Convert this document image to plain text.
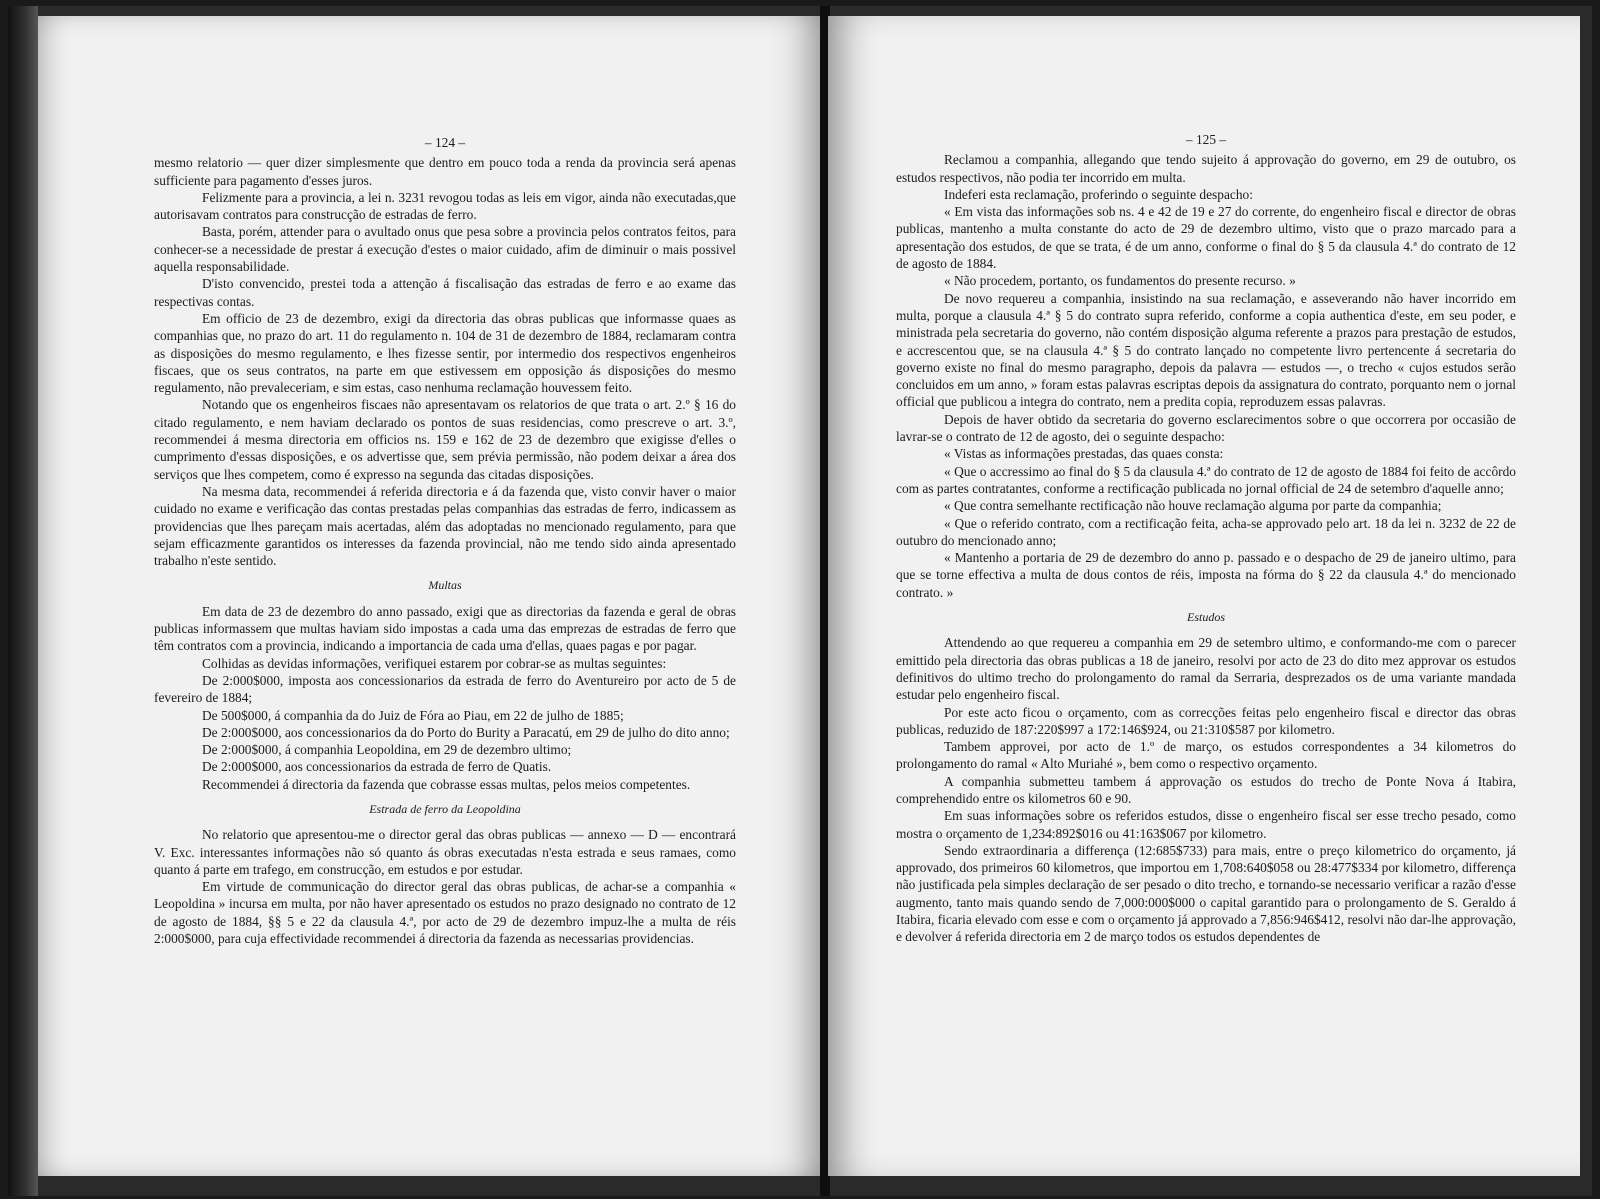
– 124 –

mesmo relatorio — quer dizer simplesmente que dentro em pouco toda a renda da provincia será apenas sufficiente para pagamento d'esses juros.

Felizmente para a provincia, a lei n. 3231 revogou todas as leis em vigor, ainda não executadas,que autorisavam contratos para construcção de estradas de ferro.

Basta, porém, attender para o avultado onus que pesa sobre a provincia pelos contratos feitos, para conhecer-se a necessidade de prestar á execução d'estes o maior cuidado, afim de diminuir o mais possivel aquella responsabilidade.

D'isto convencido, prestei toda a attenção á fiscalisação das estradas de ferro e ao exame das respectivas contas.

Em officio de 23 de dezembro, exigi da directoria das obras publicas que informasse quaes as companhias que, no prazo do art. 11 do regulamento n. 104 de 31 de dezembro de 1884, reclamaram contra as disposições do mesmo regulamento, e lhes fizesse sentir, por intermedio dos respectivos engenheiros fiscaes, que os seus contratos, na parte em que estivessem em opposição ás disposições do mesmo regulamento, não prevaleceriam, e sim estas, caso nenhuma reclamação houvessem feito.

Notando que os engenheiros fiscaes não apresentavam os relatorios de que trata o art. 2.º § 16 do citado regulamento, e nem haviam declarado os pontos de suas residencias, como prescreve o art. 3.º, recommendei á mesma directoria em officios ns. 159 e 162 de 23 de dezembro que exigisse d'elles o cumprimento d'essas disposições, e os advertisse que, sem prévia permissão, não podem deixar a área dos serviços que lhes competem, como é expresso na segunda das citadas disposições.

Na mesma data, recommendei á referida directoria e á da fazenda que, visto convir haver o maior cuidado no exame e verificação das contas prestadas pelas companhias das estradas de ferro, indicassem as providencias que lhes pareçam mais acertadas, além das adoptadas no mencionado regulamento, para que sejam efficazmente garantidos os interesses da fazenda provincial, não me tendo sido ainda apresentado trabalho n'este sentido.

Multas

Em data de 23 de dezembro do anno passado, exigi que as directorias da fazenda e geral de obras publicas informassem que multas haviam sido impostas a cada uma das emprezas de estradas de ferro que têm contratos com a provincia, indicando a importancia de cada uma d'ellas, quaes pagas e por pagar.

Colhidas as devidas informações, verifiquei estarem por cobrar-se as multas seguintes:

De 2:000$000, imposta aos concessionarios da estrada de ferro do Aventureiro por acto de 5 de fevereiro de 1884;

De 500$000, á companhia da do Juiz de Fóra ao Piau, em 22 de julho de 1885;

De 2:000$000, aos concessionarios da do Porto do Burity a Paracatú, em 29 de julho do dito anno;

De 2:000$000, á companhia Leopoldina, em 29 de dezembro ultimo;

De 2:000$000, aos concessionarios da estrada de ferro de Quatis.

Recommendei á directoria da fazenda que cobrasse essas multas, pelos meios competentes.

Estrada de ferro da Leopoldina

No relatorio que apresentou-me o director geral das obras publicas — annexo — D — encontrará V. Exc. interessantes informações não só quanto ás obras executadas n'esta estrada e seus ramaes, como quanto á parte em trafego, em construcção, em estudos e por estudar.

Em virtude de communicação do director geral das obras publicas, de achar-se a companhia « Leopoldina » incursa em multa, por não haver apresentado os estudos no prazo designado no contrato de 12 de agosto de 1884, §§ 5 e 22 da clausula 4.ª, por acto de 29 de dezembro impuz-lhe a multa de réis 2:000$000, para cuja effectividade recommendei á directoria da fazenda as necessarias providencias.

– 125 –

Reclamou a companhia, allegando que tendo sujeito á approvação do governo, em 29 de outubro, os estudos respectivos, não podia ter incorrido em multa.

Indeferi esta reclamação, proferindo o seguinte despacho:

« Em vista das informações sob ns. 4 e 42 de 19 e 27 do corrente, do engenheiro fiscal e director de obras publicas, mantenho a multa constante do acto de 29 de dezembro ultimo, visto que o prazo marcado para a apresentação dos estudos, de que se trata, é de um anno, conforme o final do § 5 da clausula 4.ª do contrato de 12 de agosto de 1884.

« Não procedem, portanto, os fundamentos do presente recurso. »

De novo requereu a companhia, insistindo na sua reclamação, e asseverando não haver incorrido em multa, porque a clausula 4.ª § 5 do contrato supra referido, conforme a copia authentica d'este, em seu poder, e ministrada pela secretaria do governo, não contém disposição alguma referente a prazos para prestação de estudos, e accrescentou que, se na clausula 4.ª § 5 do contrato lançado no competente livro pertencente á secretaria do governo existe no final do mesmo paragrapho, depois da palavra — estudos —, o trecho « cujos estudos serão concluidos em um anno, » foram estas palavras escriptas depois da assignatura do contrato, porquanto nem o jornal official que publicou a integra do contrato, nem a predita copia, reproduzem essas palavras.

Depois de haver obtido da secretaria do governo esclarecimentos sobre o que occorrera por occasião de lavrar-se o contrato de 12 de agosto, dei o seguinte despacho:

« Vistas as informações prestadas, das quaes consta:

« Que o accressimo ao final do § 5 da clausula 4.ª do contrato de 12 de agosto de 1884 foi feito de accôrdo com as partes contratantes, conforme a rectificação publicada no jornal official de 24 de setembro d'aquelle anno;

« Que contra semelhante rectificação não houve reclamação alguma por parte da companhia;

« Que o referido contrato, com a rectificação feita, acha-se approvado pelo art. 18 da lei n. 3232 de 22 de outubro do mencionado anno;

« Mantenho a portaria de 29 de dezembro do anno p. passado e o despacho de 29 de janeiro ultimo, para que se torne effectiva a multa de dous contos de réis, imposta na fórma do § 22 da clausula 4.ª do mencionado contrato. »

Estudos

Attendendo ao que requereu a companhia em 29 de setembro ultimo, e conformando-me com o parecer emittido pela directoria das obras publicas a 18 de janeiro, resolvi por acto de 23 do dito mez approvar os estudos definitivos do ultimo trecho do prolongamento do ramal da Serraria, desprezados os de uma variante mandada estudar pelo engenheiro fiscal.

Por este acto ficou o orçamento, com as correcções feitas pelo engenheiro fiscal e director das obras publicas, reduzido de 187:220$997 a 172:146$924, ou 21:310$587 por kilometro.

Tambem approvei, por acto de 1.º de março, os estudos correspondentes a 34 kilometros do prolongamento do ramal « Alto Muriahé », bem como o respectivo orçamento.

A companhia submetteu tambem á approvação os estudos do trecho de Ponte Nova á Itabira, comprehendido entre os kilometros 60 e 90.

Em suas informações sobre os referidos estudos, disse o engenheiro fiscal ser esse trecho pesado, como mostra o orçamento de 1,234:892$016 ou 41:163$067 por kilometro.

Sendo extraordinaria a differença (12:685$733) para mais, entre o preço kilometrico do orçamento, já approvado, dos primeiros 60 kilometros, que importou em 1,708:640$058 ou 28:477$334 por kilometro, differença não justificada pela simples declaração de ser pesado o dito trecho, e tornando-se necessario verificar a razão d'esse augmento, tanto mais quando sendo de 7,000:000$000 o capital garantido para o prolongamento de S. Geraldo á Itabira, ficaria elevado com esse e com o orçamento já approvado a 7,856:946$412, resolvi não dar-lhe approvação, e devolver á referida directoria em 2 de março todos os estudos dependentes de
